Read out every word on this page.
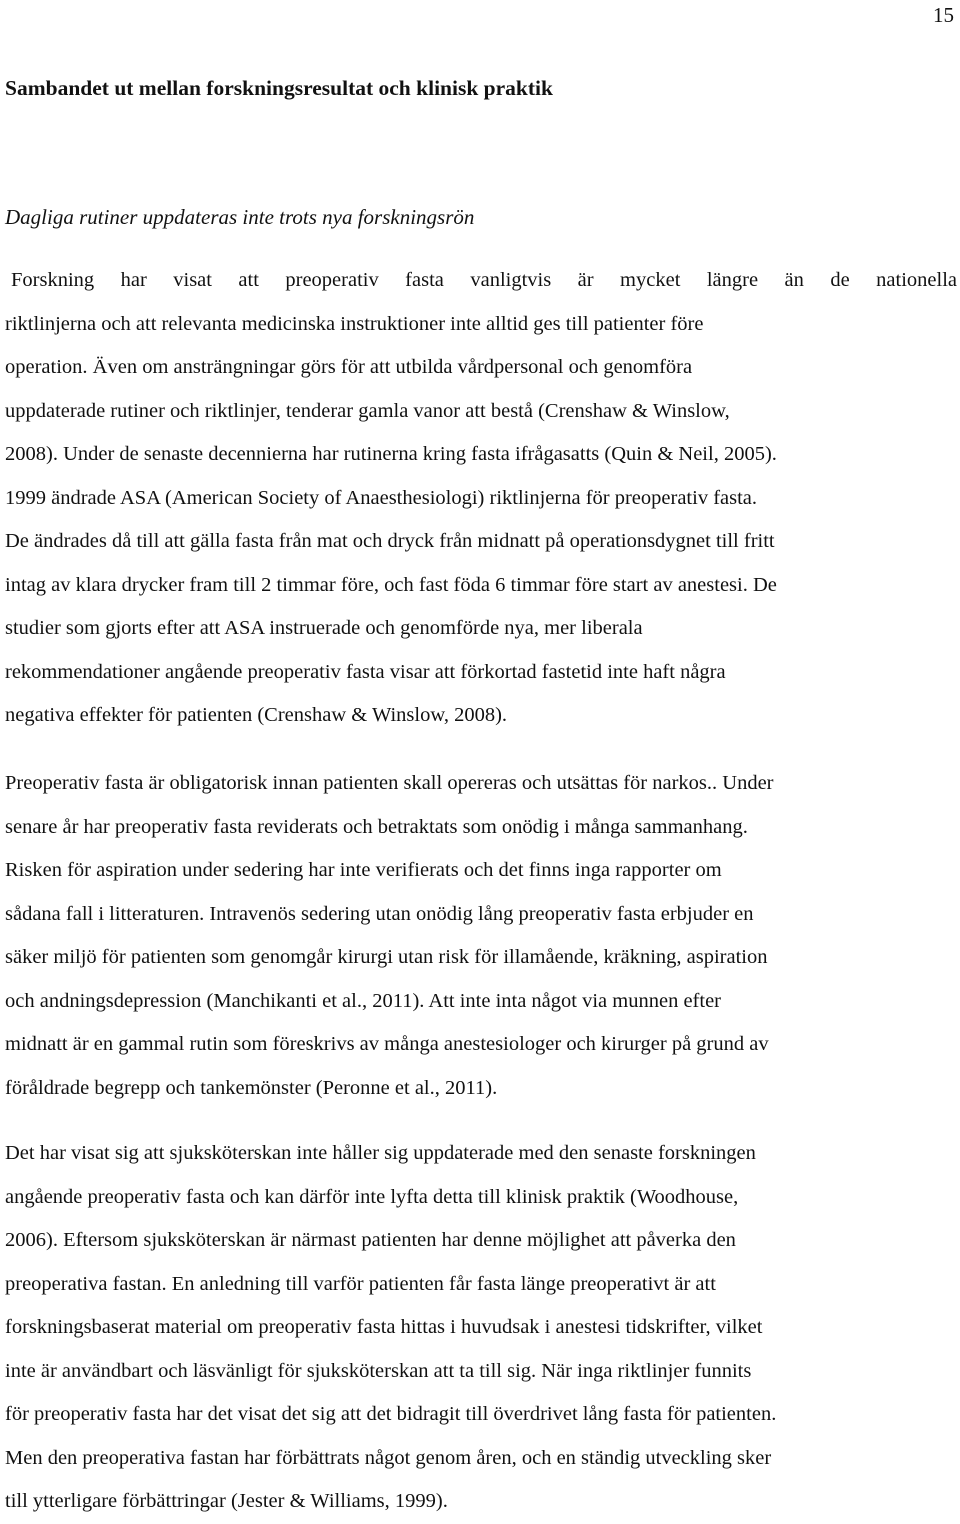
15
Sambandet ut mellan forskningsresultat och klinisk praktik
Dagliga rutiner uppdateras inte trots nya forskningsrön
Forskning har visat att preoperativ fasta vanligtvis är mycket längre än de nationella
riktlinjerna och att relevanta medicinska instruktioner inte alltid ges till patienter före
operation. Även om ansträngningar görs för att utbilda vårdpersonal och genomföra
uppdaterade rutiner och riktlinjer, tenderar gamla vanor att bestå (Crenshaw & Winslow,
2008). Under de senaste decennierna har rutinerna kring fasta ifrågasatts (Quin & Neil, 2005).
1999 ändrade ASA (American Society of Anaesthesiologi) riktlinjerna för preoperativ fasta.
De ändrades då till att gälla fasta från mat och dryck från midnatt på operationsdygnet till fritt
intag av klara drycker fram till 2 timmar före, och fast föda 6 timmar före start av anestesi. De
studier som gjorts efter att ASA instruerade och genomförde nya, mer liberala
rekommendationer angående preoperativ fasta visar att förkortad fastetid inte haft några
negativa effekter för patienten (Crenshaw & Winslow, 2008).
Preoperativ fasta är obligatorisk innan patienten skall opereras och utsättas för narkos.. Under
senare år har preoperativ fasta reviderats och betraktats som onödig i många sammanhang.
Risken för aspiration under sedering har inte verifierats och det finns inga rapporter om
sådana fall i litteraturen. Intravenös sedering utan onödig lång preoperativ fasta erbjuder en
säker miljö för patienten som genomgår kirurgi utan risk för illamående, kräkning, aspiration
och andningsdepression (Manchikanti et al., 2011). Att inte inta något via munnen efter
midnatt är en gammal rutin som föreskrivs av många anestesiologer och kirurger på grund av
föråldrade begrepp och tankemönster (Peronne et al., 2011).
Det har visat sig att sjuksköterskan inte håller sig uppdaterade med den senaste forskningen
angående preoperativ fasta och kan därför inte lyfta detta till klinisk praktik (Woodhouse,
2006). Eftersom sjuksköterskan är närmast patienten har denne möjlighet att påverka den
preoperativa fastan. En anledning till varför patienten får fasta länge preoperativt är att
forskningsbaserat material om preoperativ fasta hittas i huvudsak i anestesi tidskrifter, vilket
inte är användbart och läsvänligt för sjuksköterskan att ta till sig. När inga riktlinjer funnits
för preoperativ fasta har det visat det sig att det bidragit till överdrivet lång fasta för patienten.
Men den preoperativa fastan har förbättrats något genom åren, och en ständig utveckling sker
till ytterligare förbättringar (Jester & Williams, 1999).
